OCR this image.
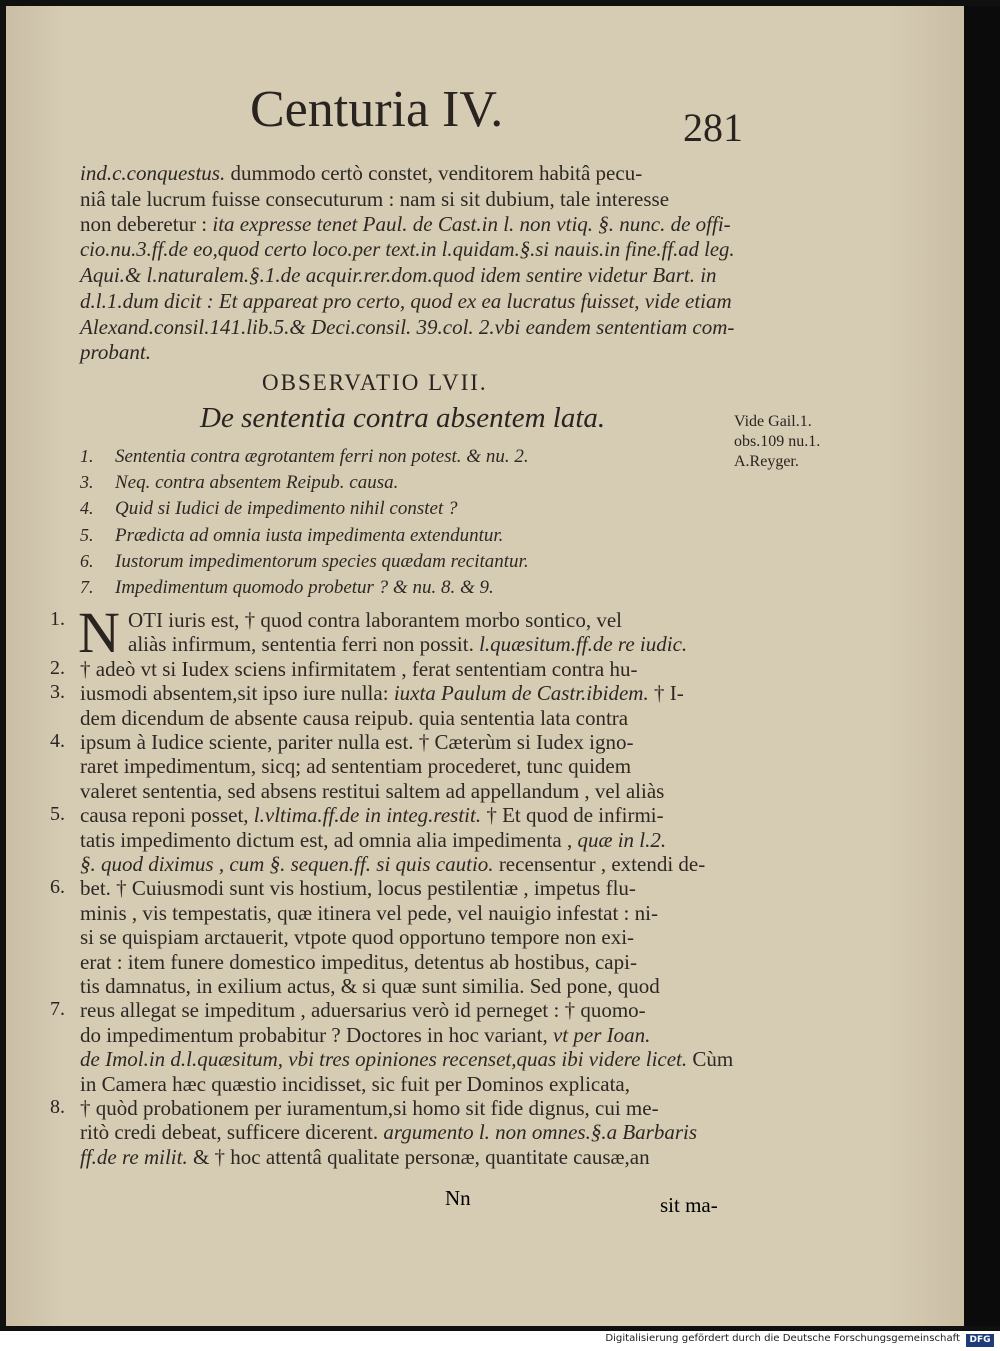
Centuria IV.	281
ind.c.conquestus. dummodo certò constet, venditorem habitâ pecu-
niâ tale lucrum fuisse consecuturum : nam si sit dubium, tale interesse
non deberetur : ita expresse tenet Paul. de Cast.in l. non vtiq. §. nunc. de offi-
cio.nu.3.ff.de eo,quod certo loco.per text.in l.quidam.§.si nauis.in fine.ff.ad leg.
Aqui.& l.naturalem.§.1.de acquir.rer.dom.quod idem sentire videtur Bart. in
d.l.1.dum dicit : Et appareat pro certo, quod ex ea lucratus fuisset, vide etiam
Alexand.consil.141.lib.5.& Deci.consil. 39.col. 2.vbi eandem sententiam com-
probant.
OBSERVATIO LVII.
De sententia contra absentem lata.	Vide Gail.1.
obs.109 nu.1.
A.Reyger.
1. Sententia contra ægrotantem ferri non potest. & nu. 2.
3. Neq. contra absentem Reipub. causa.
4. Quid si Iudici de impedimento nihil constet ?
5. Prædicta ad omnia iusta impedimenta extenduntur.
6. Iustorum impedimentorum species quædam recitantur.
7. Impedimentum quomodo probetur ? & nu. 8. & 9.
N OTI iuris est, † quod contra laborantem morbo sontico, vel
1.
aliàs infirmum, sententia ferri non possit. l.quæsitum.ff.de re iudic.
† adeò vt si Iudex sciens infirmitatem , ferat sententiam contra hu-
2.
iusmodi absentem,sit ipso iure nulla: iuxta Paulum de Castr.ibidem. † I-
3.
dem dicendum de absente causa reipub. quia sententia lata contra
ipsum à Iudice sciente, pariter nulla est. † Cæterùm si Iudex igno-
4.
raret impedimentum, sicq; ad sententiam procederet, tunc quidem
valeret sententia, sed absens restitui saltem ad appellandum , vel aliàs
causa reponi posset, l.vltima.ff.de in integ.restit. † Et quod de infirmi-
5.
tatis impedimento dictum est, ad omnia alia impedimenta , quæ in l.2.
§. quod diximus , cum §. sequen.ff. si quis cautio. recensentur , extendi de-
bet. † Cuiusmodi sunt vis hostium, locus pestilentiæ , impetus flu-
6.
minis , vis tempestatis, quæ itinera vel pede, vel nauigio infestat : ni-
si se quispiam arctauerit, vtpote quod opportuno tempore non exi-
erat : item funere domestico impeditus, detentus ab hostibus, capi-
tis damnatus, in exilium actus, & si quæ sunt similia. Sed pone, quod
reus allegat se impeditum , aduersarius verò id perneget : † quomo-
7.
do impedimentum probabitur ? Doctores in hoc variant, vt per Ioan.
de Imol.in d.l.quæsitum, vbi tres opiniones recenset,quas ibi videre licet. Cùm
in Camera hæc quæstio incidisset, sic fuit per Dominos explicata,
† quòd probationem per iuramentum,si homo sit fide dignus, cui me-
8.
ritò credi debeat, sufficere dicerent. argumento l. non omnes.§.a Barbaris
ff.de re milit. & † hoc attentâ qualitate personæ, quantitate causæ,an
Nn	sit ma-
Digitalisierung gefördert durch die Deutsche Forschungsgemeinschaft	DFG
